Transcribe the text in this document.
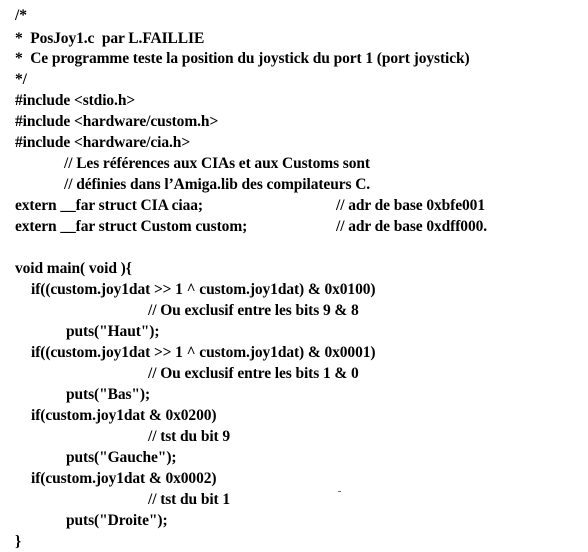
/*
*  PosJoy1.c  par L.FAILLIE
*  Ce programme teste la position du joystick du port 1 (port joystick)
*/
#include <stdio.h>
#include <hardware/custom.h>
#include <hardware/cia.h>
// Les références aux CIAs et aux Customs sont
// définies dans l’Amiga.lib des compilateurs C.
extern __far struct CIA ciaa;	// adr de base 0xbfe001
extern __far struct Custom custom;	// adr de base 0xdff000.
void main( void ){
if((custom.joy1dat >> 1 ^ custom.joy1dat) & 0x0100)
// Ou exclusif entre les bits 9 & 8
puts("Haut");
if((custom.joy1dat >> 1 ^ custom.joy1dat) & 0x0001)
// Ou exclusif entre les bits 1 & 0
puts("Bas");
if(custom.joy1dat & 0x0200)
// tst du bit 9
puts("Gauche");
if(custom.joy1dat & 0x0002)
// tst du bit 1
puts("Droite");
}
